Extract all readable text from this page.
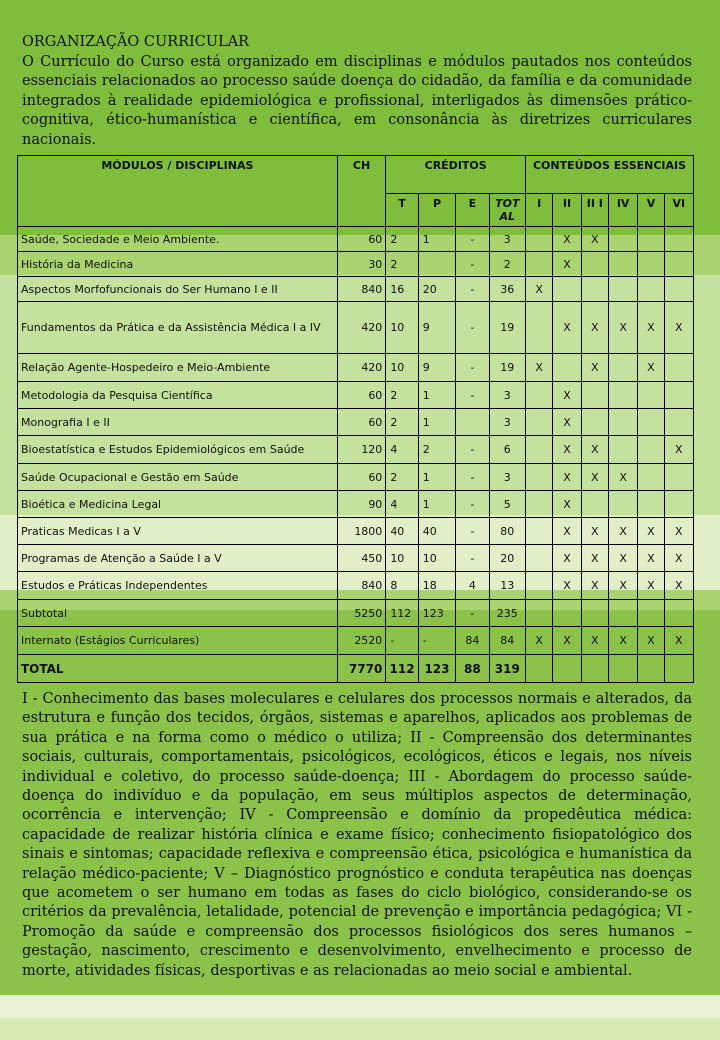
ORGANIZAÇÃO CURRICULAR

O Currículo do Curso está organizado em disciplinas e módulos pautados nos conteúdos essenciais relacionados ao processo saúde doença do cidadão, da família e da comunidade integrados à realidade epidemiológica e profissional, interligados às dimensões prático-cognitiva, ético-humanística e científica, em consonância às diretrizes curriculares nacionais.

MÓDULOS / DISCIPLINAS	CH	CRÉDITOS				CONTEÚDOS ESSENCIAIS					
		T	P	E	TOT AL	I	II	II I	IV	V	VI
Saúde, Sociedade e Meio Ambiente.	60	2	1	-	3		X	X			
História da Medicina	30	2		-	2		X				
Aspectos Morfofuncionais do Ser Humano I e II	840	16	20	-	36	X					
Fundamentos da Prática e da Assistência Médica I a IV	420	10	9	-	19		X	X	X	X	X
Relação Agente-Hospedeiro e Meio-Ambiente	420	10	9	-	19	X		X		X	
Metodologia da Pesquisa Científica	60	2	1	-	3		X				
Monografia I e II	60	2	1		3		X				
Bioestatística e Estudos Epidemiológicos em Saúde	120	4	2	-	6		X	X			X
Saúde Ocupacional e Gestão em Saúde	60	2	1	-	3		X	X	X		
Bioética e Medicina Legal	90	4	1	-	5		X				
Praticas Medicas I a V	1800	40	40	-	80		X	X	X	X	X
Programas de Atenção a Saúde I a V	450	10	10	-	20		X	X	X	X	X
Estudos e Práticas Independentes	840	8	18	4	13		X	X	X	X	X
Subtotal	5250	112	123	-	235						
Internato (Estágios Curriculares)	2520	-	-	84	84	X	X	X	X	X	X
TOTAL	7770	112	123	88	319						

I - Conhecimento das bases moleculares e celulares dos processos normais e alterados, da estrutura e função dos tecidos, órgãos, sistemas e aparelhos, aplicados aos problemas de sua prática e na forma como o médico o utiliza; II - Compreensão dos determinantes sociais, culturais, comportamentais, psicológicos, ecológicos, éticos e legais, nos níveis individual e coletivo, do processo saúde-doença; III - Abordagem do processo saúde-doença do indivíduo e da população, em seus múltiplos aspectos de determinação, ocorrência e intervenção; IV - Compreensão e domínio da propedêutica médica: capacidade de realizar história clínica e exame físico; conhecimento fisiopatológico dos sinais e sintomas; capacidade reflexiva e compreensão ética, psicológica e humanística da relação médico-paciente; V – Diagnóstico prognóstico e conduta terapêutica nas doenças que acometem o ser humano em todas as fases do ciclo biológico, considerando-se os critérios da prevalência, letalidade, potencial de prevenção e importância pedagógica; VI - Promoção da saúde e compreensão dos processos fisiológicos dos seres humanos – gestação, nascimento, crescimento e desenvolvimento, envelhecimento e processo de morte, atividades físicas, desportivas e as relacionadas ao meio social e ambiental.
